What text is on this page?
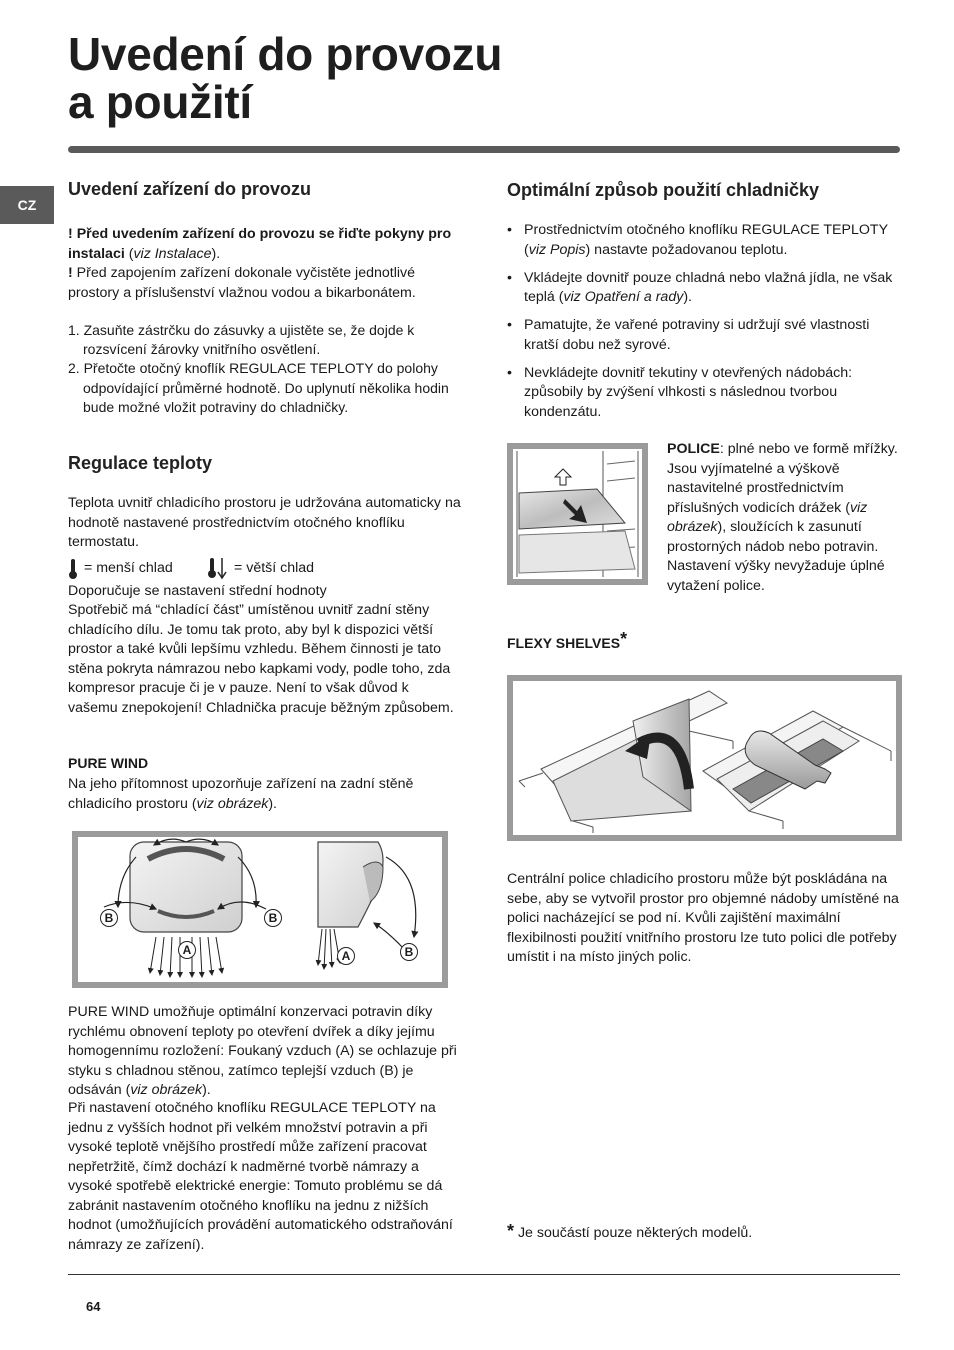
Uvedení do provozu
a použití
CZ
Uvedení zařízení do provozu

! Před uvedením zařízení do provozu se řiďte pokyny pro instalaci (viz Instalace).

! Před zapojením zařízení dokonale vyčistěte jednotlivé prostory a příslušenství vlažnou vodou a bikarbonátem.

1. Zasuňte zástrčku do zásuvky a ujistěte se, že dojde k rozsvícení žárovky vnitřního osvětlení.
2. Přetočte otočný knoflík REGULACE TEPLOTY do polohy odpovídající průměrné hodnotě. Do uplynutí několika hodin bude možné vložit potraviny do chladničky.
Regulace teploty

Teplota uvnitř chladicího prostoru je udržována automaticky na hodnotě nastavené prostřednictvím otočného knoflíku termostatu.

= menší chlad	= větší chlad

Doporučuje se nastavení střední hodnoty

Spotřebič má “chladící část” umístěnou uvnitř zadní stěny chladícího dílu. Je tomu tak proto, aby byl k dispozici větší prostor a také kvůli lepšímu vzhledu. Během činnosti je tato stěna pokryta námrazou nebo kapkami vody, podle toho, zda kompresor pracuje či je v pauze. Není to však důvod k vašemu znepokojení! Chladnička pracuje běžným způsobem.

PURE WIND

Na jeho přítomnost upozorňuje zařízení na zadní stěně chladicího prostoru (viz obrázek).

B	B
A	A	B

PURE WIND umožňuje optimální konzervaci potravin díky rychlému obnovení teploty po otevření dvířek a díky jejímu homogennímu rozložení: Foukaný vzduch (A) se ochlazuje při styku s chladnou stěnou, zatímco teplejší vzduch (B) je odsáván (viz obrázek).

Při nastavení otočného knoflíku REGULACE TEPLOTY na jednu z vyšších hodnot při velkém množství potravin a při vysoké teplotě vnějšího prostředí může zařízení pracovat nepřetržitě, čímž dochází k nadměrné tvorbě námrazy a vysoké spotřebě elektrické energie: Tomuto problému se dá zabránit nastavením otočného knoflíku na jednu z nižších hodnot (umožňujících provádění automatického odstraňování námrazy ze zařízení).

Optimální způsob použití chladničky
• Prostřednictvím otočného knoflíku REGULACE TEPLOTY (viz Popis) nastavte požadovanou teplotu.
• Vkládejte dovnitř pouze chladná nebo vlažná jídla, ne však teplá (viz Opatření a rady).
• Pamatujte, že vařené potraviny si udržují své vlastnosti kratší dobu než syrové.
• Nevkládejte dovnitř tekutiny v otevřených nádobách: způsobily by zvýšení vlhkosti s následnou tvorbou kondenzátu.

POLICE: plné nebo ve formě mřížky. Jsou vyjímatelné a výškově nastavitelné prostřednictvím příslušných vodicích drážek (viz obrázek), sloužících k zasunutí prostorných nádob nebo potravin. Nastavení výšky nevyžaduje úplné vytažení police.

FLEXY SHELVES*

Centrální police chladicího prostoru může být poskládána na sebe, aby se vytvořil prostor pro objemné nádoby umístěné na polici nacházející se pod ní. Kvůli zajištění maximální flexibilnosti použití vnitřního prostoru lze tuto polici dle potřeby umístit i na místo jiných polic.

* Je součástí pouze některých modelů.

64
